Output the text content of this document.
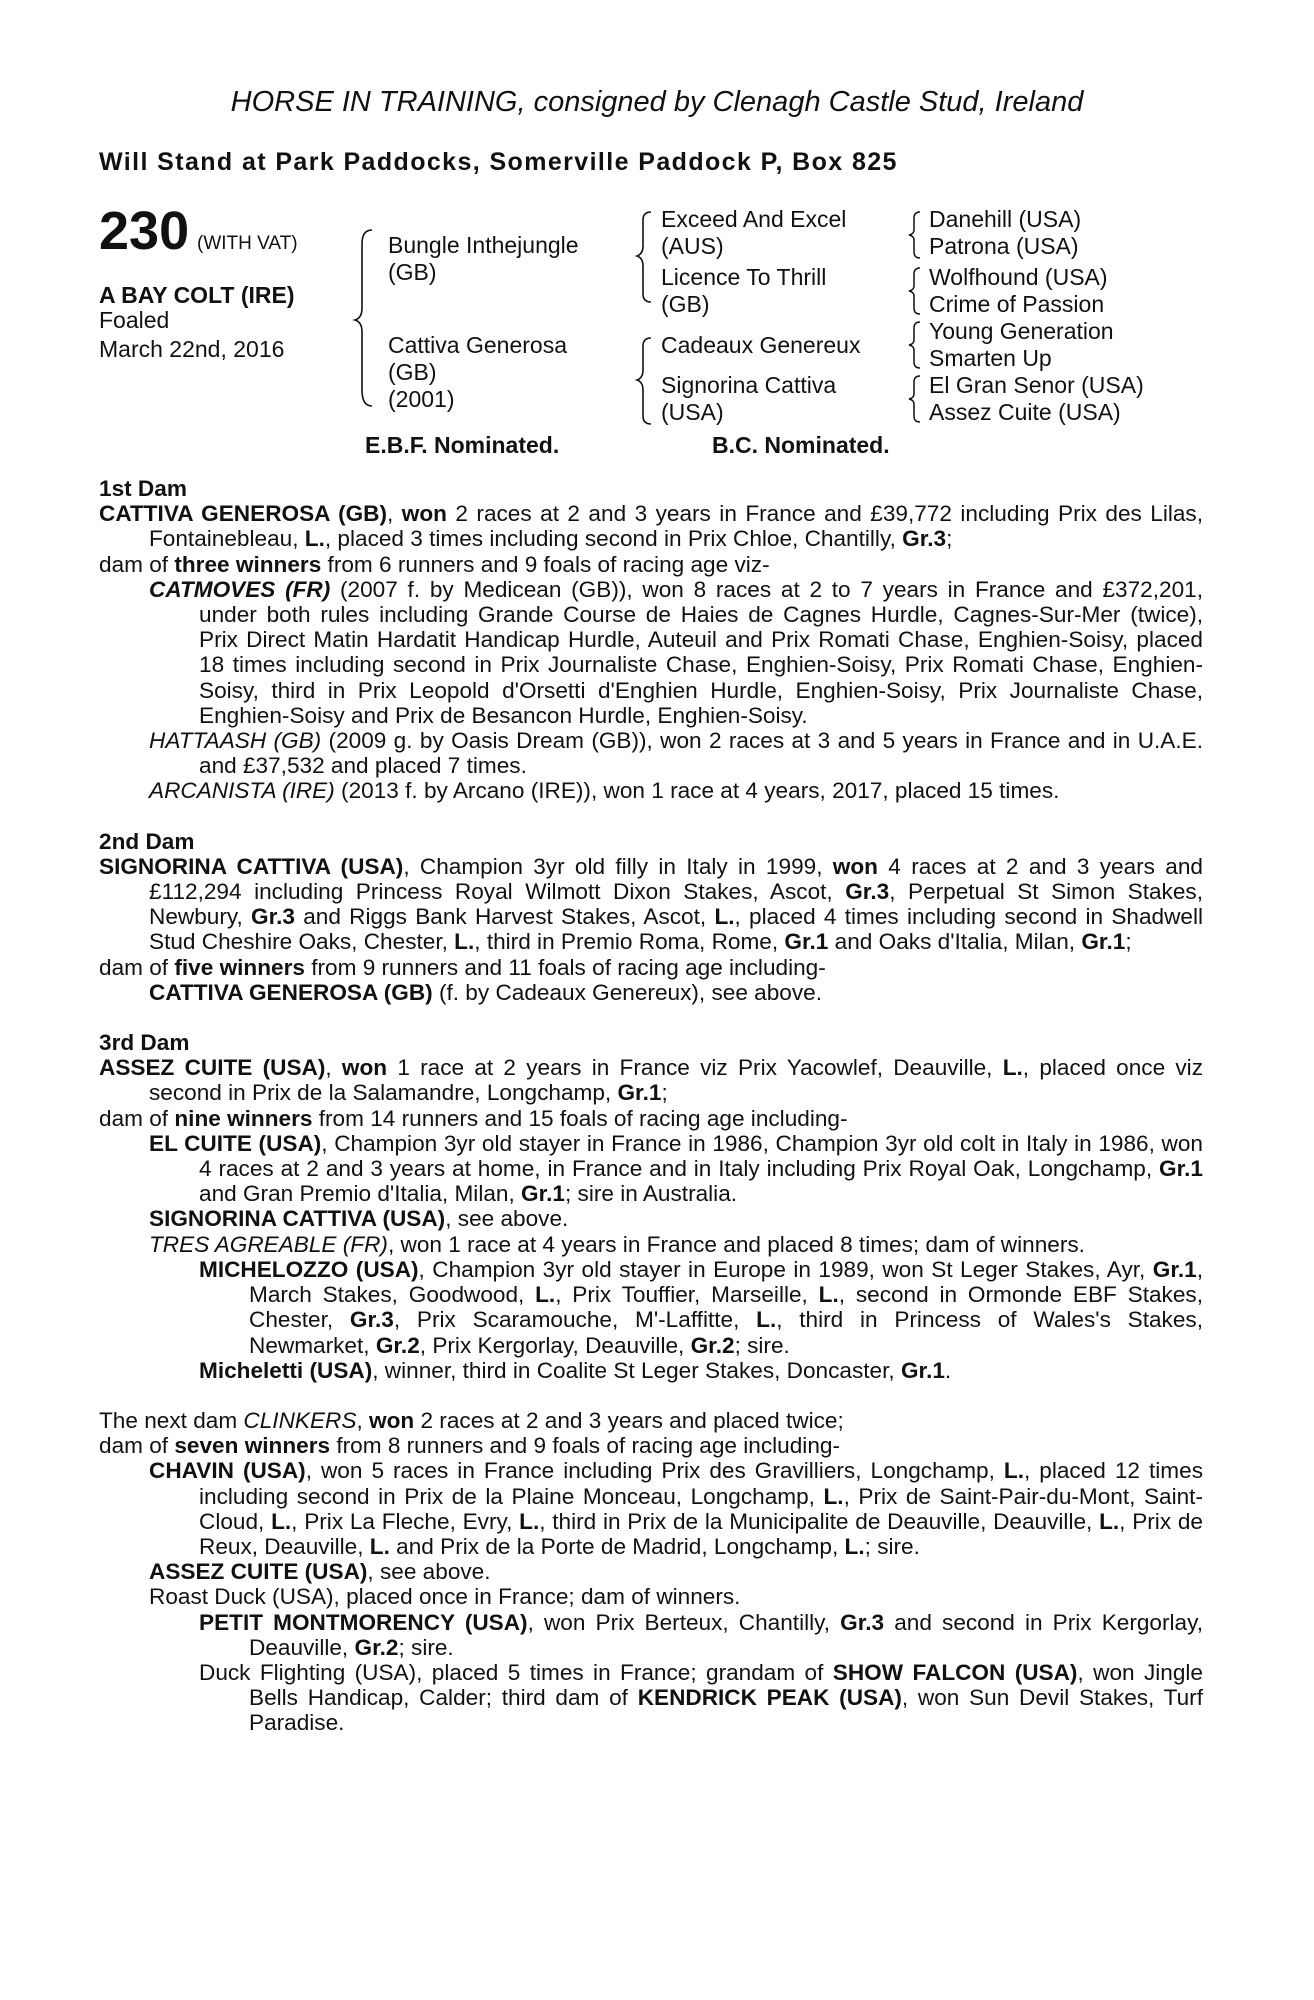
HORSE IN TRAINING, consigned by Clenagh Castle Stud, Ireland
Will Stand at Park Paddocks, Somerville Paddock P, Box 825
230 (WITH VAT)
A BAY COLT (IRE)
Foaled
March 22nd, 2016
Bungle Inthejungle
(GB)
Cattiva Generosa
(GB)
(2001)
Exceed And Excel
(AUS)
Licence To Thrill
(GB)
Cadeaux Genereux
Signorina Cattiva
(USA)
Danehill (USA)
Patrona (USA)
Wolfhound (USA)
Crime of Passion
Young Generation
Smarten Up
El Gran Senor (USA)
Assez Cuite (USA)
E.B.F. Nominated.	B.C. Nominated.

1st Dam

CATTIVA GENEROSA (GB), won 2 races at 2 and 3 years in France and £39,772 including Prix des Lilas, Fontainebleau, L., placed 3 times including second in Prix Chloe, Chantilly, Gr.3;

dam of three winners from 6 runners and 9 foals of racing age viz-

CATMOVES (FR) (2007 f. by Medicean (GB)), won 8 races at 2 to 7 years in France and £372,201, under both rules including Grande Course de Haies de Cagnes Hurdle, Cagnes-Sur-Mer (twice), Prix Direct Matin Hardatit Handicap Hurdle, Auteuil and Prix Romati Chase, Enghien-Soisy, placed 18 times including second in Prix Journaliste Chase, Enghien-Soisy, Prix Romati Chase, Enghien-Soisy, third in Prix Leopold d'Orsetti d'Enghien Hurdle, Enghien-Soisy, Prix Journaliste Chase, Enghien-Soisy and Prix de Besancon Hurdle, Enghien-Soisy.

HATTAASH (GB) (2009 g. by Oasis Dream (GB)), won 2 races at 3 and 5 years in France and in U.A.E. and £37,532 and placed 7 times.

ARCANISTA (IRE) (2013 f. by Arcano (IRE)), won 1 race at 4 years, 2017, placed 15 times.

2nd Dam

SIGNORINA CATTIVA (USA), Champion 3yr old filly in Italy in 1999, won 4 races at 2 and 3 years and £112,294 including Princess Royal Wilmott Dixon Stakes, Ascot, Gr.3, Perpetual St Simon Stakes, Newbury, Gr.3 and Riggs Bank Harvest Stakes, Ascot, L., placed 4 times including second in Shadwell Stud Cheshire Oaks, Chester, L., third in Premio Roma, Rome, Gr.1 and Oaks d'Italia, Milan, Gr.1;

dam of five winners from 9 runners and 11 foals of racing age including-

CATTIVA GENEROSA (GB) (f. by Cadeaux Genereux), see above.

3rd Dam

ASSEZ CUITE (USA), won 1 race at 2 years in France viz Prix Yacowlef, Deauville, L., placed once viz second in Prix de la Salamandre, Longchamp, Gr.1;

dam of nine winners from 14 runners and 15 foals of racing age including-

EL CUITE (USA), Champion 3yr old stayer in France in 1986, Champion 3yr old colt in Italy in 1986, won 4 races at 2 and 3 years at home, in France and in Italy including Prix Royal Oak, Longchamp, Gr.1 and Gran Premio d'Italia, Milan, Gr.1; sire in Australia.

SIGNORINA CATTIVA (USA), see above.

TRES AGREABLE (FR), won 1 race at 4 years in France and placed 8 times; dam of winners.

MICHELOZZO (USA), Champion 3yr old stayer in Europe in 1989, won St Leger Stakes, Ayr, Gr.1, March Stakes, Goodwood, L., Prix Touffier, Marseille, L., second in Ormonde EBF Stakes, Chester, Gr.3, Prix Scaramouche, M'-Laffitte, L., third in Princess of Wales's Stakes, Newmarket, Gr.2, Prix Kergorlay, Deauville, Gr.2; sire.

Micheletti (USA), winner, third in Coalite St Leger Stakes, Doncaster, Gr.1.

The next dam CLINKERS, won 2 races at 2 and 3 years and placed twice;

dam of seven winners from 8 runners and 9 foals of racing age including-

CHAVIN (USA), won 5 races in France including Prix des Gravilliers, Longchamp, L., placed 12 times including second in Prix de la Plaine Monceau, Longchamp, L., Prix de Saint-Pair-du-Mont, Saint-Cloud, L., Prix La Fleche, Evry, L., third in Prix de la Municipalite de Deauville, Deauville, L., Prix de Reux, Deauville, L. and Prix de la Porte de Madrid, Longchamp, L.; sire.

ASSEZ CUITE (USA), see above.

Roast Duck (USA), placed once in France; dam of winners.

PETIT MONTMORENCY (USA), won Prix Berteux, Chantilly, Gr.3 and second in Prix Kergorlay, Deauville, Gr.2; sire.

Duck Flighting (USA), placed 5 times in France; grandam of SHOW FALCON (USA), won Jingle Bells Handicap, Calder; third dam of KENDRICK PEAK (USA), won Sun Devil Stakes, Turf Paradise.
